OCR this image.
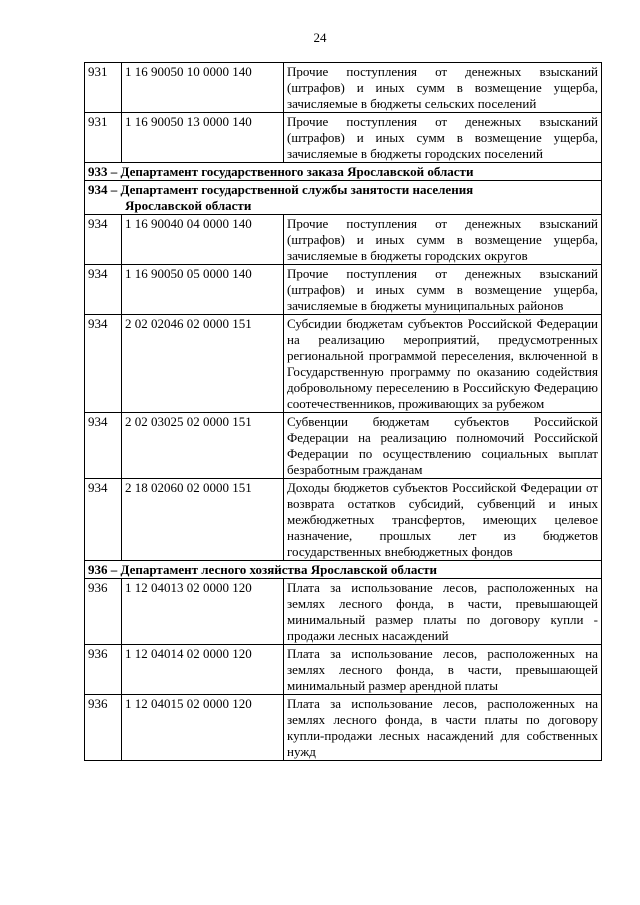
24
931	1 16 90050 10 0000 140	Прочие поступления от денежных взысканий (штрафов) и иных сумм в возмещение ущерба, зачисляемые в бюджеты сельских поселений
931	1 16 90050 13 0000 140	Прочие поступления от денежных взысканий (штрафов) и иных сумм в возмещение ущерба, зачисляемые в бюджеты городских поселений
933 – Департамент государственного заказа Ярославской области		
934 – Департамент государственной службы занятости населения
Ярославской области		

934	1 16 90040 04 0000 140	Прочие поступления от денежных взысканий (штрафов) и иных сумм в возмещение ущерба, зачисляемые в бюджеты городских округов
934	1 16 90050 05 0000 140	Прочие поступления от денежных взысканий (штрафов) и иных сумм в возмещение ущерба, зачисляемые в бюджеты муниципальных районов
934	2 02 02046 02 0000 151	Субсидии бюджетам субъектов Российской Федерации на реализацию мероприятий, предусмотренных региональной программой переселения, включенной в Государственную программу по оказанию содействия добровольному переселению в Российскую Федерацию соотечественников, проживающих за рубежом
934	2 02 03025 02 0000 151	Субвенции бюджетам субъектов Российской Федерации на реализацию полномочий Российской Федерации по осуществлению социальных выплат безработным гражданам
934	2 18 02060 02 0000 151	Доходы бюджетов субъектов Российской Федерации от возврата остатков субсидий, субвенций и иных межбюджетных трансфертов, имеющих целевое назначение, прошлых лет из бюджетов государственных внебюджетных фондов
936 – Департамент лесного хозяйства Ярославской области		
936	1 12 04013 02 0000 120	Плата за использование лесов, расположенных на землях лесного фонда, в части, превышающей минимальный размер платы по договору купли - продажи лесных насаждений
936	1 12 04014 02 0000 120	Плата за использование лесов, расположенных на землях лесного фонда, в части, превышающей минимальный размер арендной платы
936	1 12 04015 02 0000 120	Плата за использование лесов, расположенных на землях лесного фонда, в части платы по договору купли-продажи лесных насаждений для собственных нужд
